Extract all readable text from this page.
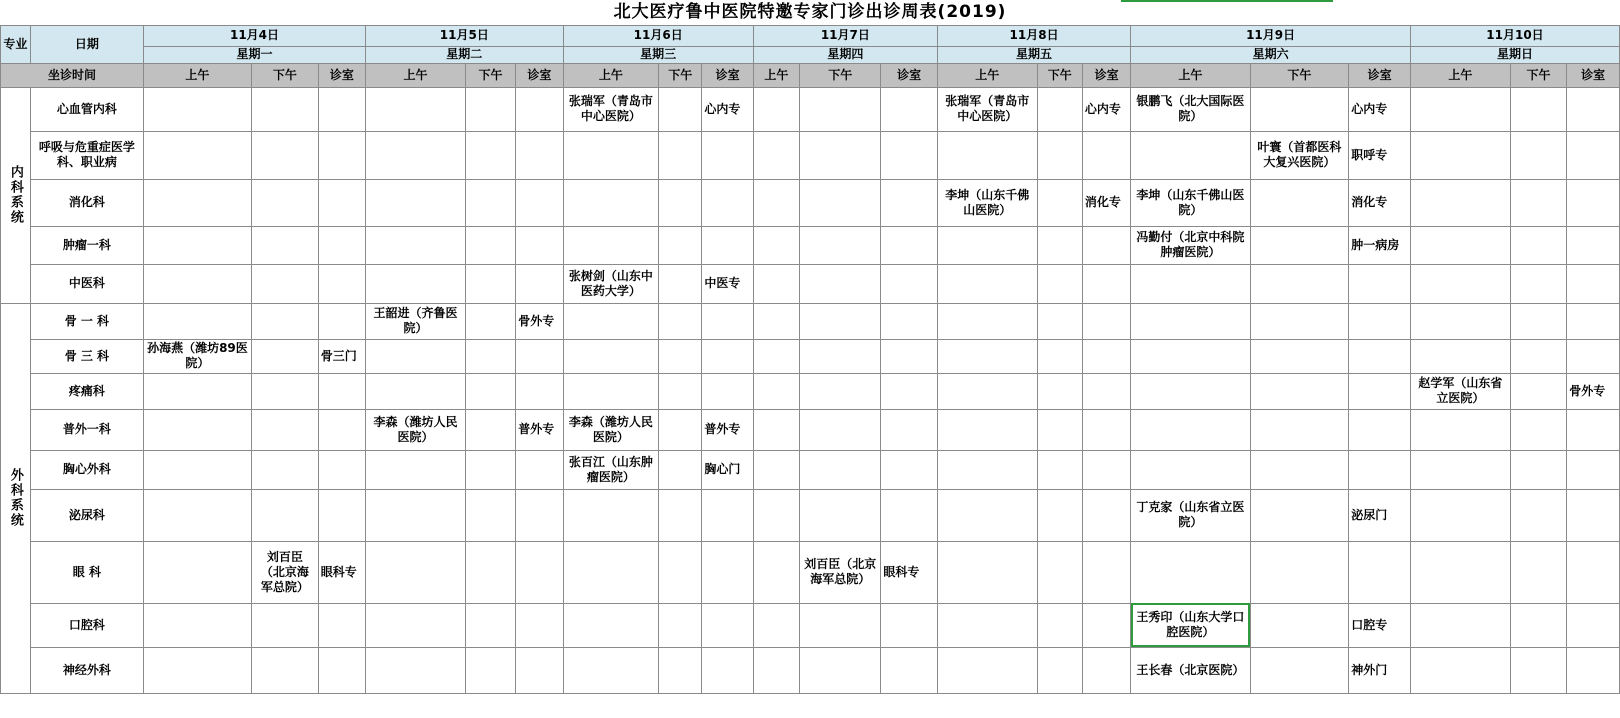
北大医疗鲁中医院特邀专家门诊出诊周表(2019)																						
专业	日期	11月4日			11月5日			11月6日			11月7日			11月8日			11月9日			11月10日		
		星期一			星期二			星期三			星期四			星期五			星期六			星期日		
坐诊时间		上午	下午	诊室	上午	下午	诊室	上午	下午	诊室	上午	下午	诊室	上午	下午	诊室	上午	下午	诊室	上午	下午	诊室
内科系统	心血管内科							张瑞军（青岛市中心医院）		心内专				张瑞军（青岛市中心医院）		心内专	银鹏飞（北大国际医院）		心内专			
	呼吸与危重症医学科、职业病																	叶寰（首都医科大复兴医院）	职呼专			
	消化科													李坤（山东千佛山医院）		消化专	李坤（山东千佛山医院）		消化专			
	肿瘤一科																冯勤付（北京中科院肿瘤医院）		肿一病房			
	中医科							张树剑（山东中医药大学）		中医专												
外科系统	骨 一 科				王韶进（齐鲁医院）		骨外专															
	骨 三 科	孙海燕（潍坊89医院）		骨三门																		
	疼痛科																			赵学军（山东省立医院）		骨外专
	普外一科				李森（潍坊人民医院）		普外专	李森（潍坊人民医院）		普外专												
	胸心外科							张百江（山东肿瘤医院）		胸心门												
	泌尿科																丁克家（山东省立医院）		泌尿门			
	眼 科		刘百臣（北京海军总院）	眼科专								刘百臣（北京海军总院）	眼科专									
	口腔科																王秀印（山东大学口腔医院）		口腔专			
	神经外科																王长春（北京医院）		神外门			
